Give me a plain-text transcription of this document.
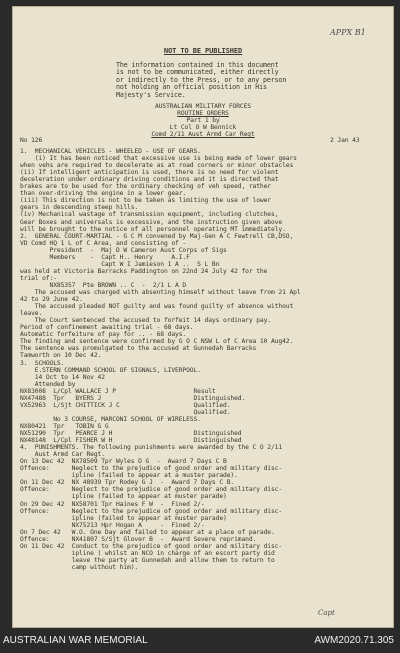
APPX B1
NOT TO BE PUBLISHED
The information contained in this document
is not to be communicated, either directly
or indirectly to the Press, or to any person
not holding an official position in His
Majesty's Service.
AUSTRALIAN MILITARY FORCES
ROUTINE ORDERS
Part 1 by
Lt Col O W Bennick
Comd 2/11 Aust Armd Car Regt
No 126	2 Jan 43
1.  MECHANICAL VEHICLES - WHEELED - USE OF GEARS.
(i) It has been noticed that excessive use is being made of lower gears
when vehs are required to decelerate as at road corners or minor obstacles
(ii) If intelligent anticipation is used, there is no need for violent
deceleration under ordinary driving conditions and it is directed that
brakes are to be used for the ordinary checking of veh speed, rather
than over-driving the engine in a lower gear.
(iii) This direction is not to be taken as limiting the use of lower
gears in descending steep hills.
(iv) Mechanical wastage of transmission equipment, including clutches,
Gear Boxes and universals is excessive, and the instruction given above
will be brought to the notice of all personnel operating MT immediately.
2.  GENERAL COURT-MARTIAL - G C M convened by Maj-Gen A C Fewtrell CB,DSO,
VD Comd HQ 1 L of C Area, and consisting of -
President  -  Maj D W Cameron Aust Corps of Sigs
Members    -  Capt H.. Henry     A.I.F
Capt W I Jamieson 1 A ..  S L Bn
was held at Victoria Barracks Paddington on 22nd 24 July 42 for the
trial of:-
NX85357  Pte BROWN .. C  -  2/1 L A D
The accused was charged with absenting himself without leave from 21 Apl
42 to 29 June 42.
The accused pleaded NOT guilty and was found guilty of absence without
leave.
The Court sentenced the accused to forfeit 14 days ordinary pay.
Period of confinement awaiting trial - 68 days.
Automatic forfeiture of pay for .. - 68 days.
The finding and sentence were confirmed by G O C NSW L of C Area 10 Aug42.
The sentence was promulgated to the accused at Gunnedah Barracks
Tamworth on 10 Dec 42.
3.  SCHOOLS.
E.STERN COMMAND SCHOOL OF SIGNALS, LIVERPOOL.
14 Oct to 14 Nov 42
Attended by
NX83008  L/Cpl WALLACE J P                     Result
NX47488  Tpr   BYERS J                         Distinguished.
VX52963  L/Sjt CHITTICK J C                    Qualified.
Qualified.
No 3 COURSE, MARCONI SCHOOL OF WIRELESS.
NX80421  Tpr   TOBIN G G
NX51290  Tpr   PEARCE J H                      Distinguished
NX48148  L/Cpl FISHER W H                      Distinguished
4.  PUNISHMENTS. The following punishments were awarded by the C O 2/11
Aust Armd Car Regt.
On 13 Dec 42  NX78509 Tpr Wyles D G  -  Award 7 Days C B
Offence:      Neglect to the prejudice of good order and military disc-
ipline (failed to appear at a muster parade).
On 11 Dec 42  NX 48939 Tpr Rodey G J  -  Award 7 Days C B.
Offence:      Neglect to the prejudice of good order and military disc-
ipline (failed to appear at muster parade)
On 29 Dec 42  NX58701 Tpr Haines F W  -  Fined 2/-
Offence:      Neglect to the prejudice of good order and military disc-
ipline (failed to appear at muster parade)
NX75213 Hpr Hogan A     -  Fined 2/-
On 7 Dec 42   W.O. One Day and failed to appear at a place of parade.
Offence:      NX41807 S/Sjt Glover B  -  Award Severe reprimand.
On 11 Dec 42  Conduct to the prejudice of good order and military disc-
ipline ( whilst an NCO in charge of an escort party did
leave the party at Gunnedah and allow them to return to
camp without him).
Capt
AUSTRALIAN WAR MEMORIAL	AWM2020.71.305
